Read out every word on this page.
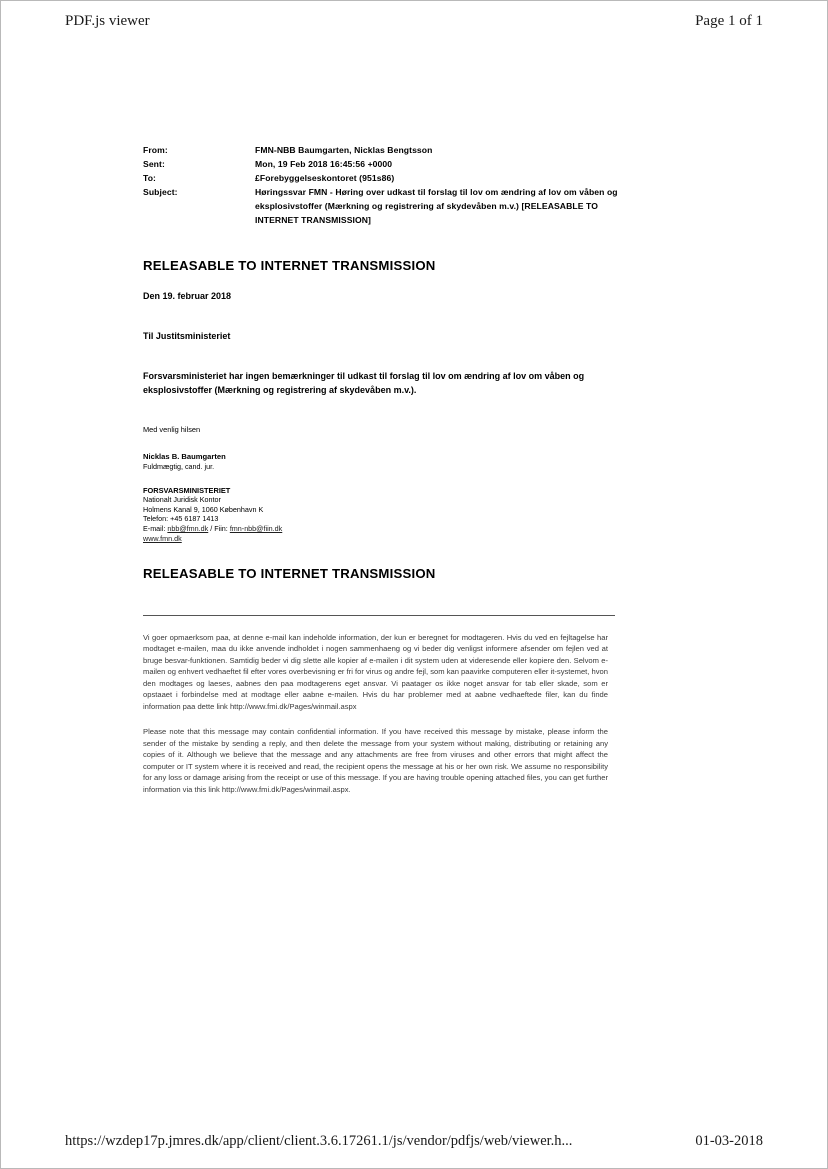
PDF.js viewer	Page 1 of 1
From:	FMN-NBB Baumgarten, Nicklas Bengtsson
Sent:	Mon, 19 Feb 2018 16:45:56 +0000
To:	£Forebyggelseskontoret (951s86)
Subject:	Høringssvar FMN - Høring over udkast til forslag til lov om ændring af lov om våben og eksplosivstoffer (Mærkning og registrering af skydevåben m.v.) [RELEASABLE TO INTERNET TRANSMISSION]
RELEASABLE TO INTERNET TRANSMISSION
Den 19. februar 2018
Til Justitsministeriet
Forsvarsministeriet har ingen bemærkninger til udkast til forslag til lov om ændring af lov om våben og eksplosivstoffer (Mærkning og registrering af skydevåben m.v.).
Med venlig hilsen
Nicklas B. Baumgarten
Fuldmægtig, cand. jur.
FORSVARSMINISTERIET
Nationalt Juridisk Kontor
Holmens Kanal 9, 1060 København K
Telefon: +45 6187 1413
E-mail: nbb@fmn.dk / Fiin: fmn-nbb@fiin.dk
www.fmn.dk
RELEASABLE TO INTERNET TRANSMISSION
Vi goer opmaerksom paa, at denne e-mail kan indeholde information, der kun er beregnet for modtageren. Hvis du ved en fejltagelse har modtaget e-mailen, maa du ikke anvende indholdet i nogen sammenhaeng og vi beder dig venligst informere afsender om fejlen ved at bruge besvar-funktionen. Samtidig beder vi dig slette alle kopier af e-mailen i dit system uden at videresende eller kopiere den. Selvom e-mailen og enhvert vedhaeftet fil efter vores overbevisning er fri for virus og andre fejl, som kan paavirke computeren eller it-systemet, hvon den modtages og laeses, aabnes den paa modtagerens eget ansvar. Vi paatager os ikke noget ansvar for tab eller skade, som er opstaaet i forbindelse med at modtage eller aabne e-mailen. Hvis du har problemer med at aabne vedhaeftede filer, kan du finde information paa dette link http://www.fmi.dk/Pages/winmail.aspx
Please note that this message may contain confidential information. If you have received this message by mistake, please inform the sender of the mistake by sending a reply, and then delete the message from your system without making, distributing or retaining any copies of it. Although we believe that the message and any attachments are free from viruses and other errors that might affect the computer or IT system where it is received and read, the recipient opens the message at his or her own risk. We assume no responsibility for any loss or damage arising from the receipt or use of this message. If you are having trouble opening attached files, you can get further information via this link http://www.fmi.dk/Pages/winmail.aspx.
https://wzdep17p.jmres.dk/app/client/client.3.6.17261.1/js/vendor/pdfjs/web/viewer.h...	01-03-2018
